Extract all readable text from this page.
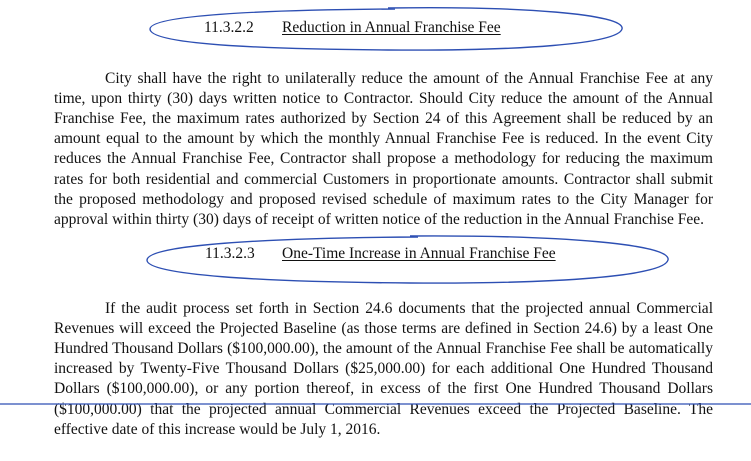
11.3.2.2 Reduction in Annual Franchise Fee

City shall have the right to unilaterally reduce the amount of the Annual Franchise Fee at any time, upon thirty (30) days written notice to Contractor. Should City reduce the amount of the Annual Franchise Fee, the maximum rates authorized by Section 24 of this Agreement shall be reduced by an amount equal to the amount by which the monthly Annual Franchise Fee is reduced. In the event City reduces the Annual Franchise Fee, Contractor shall propose a methodology for reducing the maximum rates for both residential and commercial Customers in proportionate amounts. Contractor shall submit the proposed methodology and proposed revised schedule of maximum rates to the City Manager for approval within thirty (30) days of receipt of written notice of the reduction in the Annual Franchise Fee.

11.3.2.3 One-Time Increase in Annual Franchise Fee

If the audit process set forth in Section 24.6 documents that the projected annual Commercial Revenues will exceed the Projected Baseline (as those terms are defined in Section 24.6) by a least One Hundred Thousand Dollars ($100,000.00), the amount of the Annual Franchise Fee shall be automatically increased by Twenty-Five Thousand Dollars ($25,000.00) for each additional One Hundred Thousand Dollars ($100,000.00), or any portion thereof, in excess of the first One Hundred Thousand Dollars ($100,000.00) that the projected annual Commercial Revenues exceed the Projected Baseline. The effective date of this increase would be July 1, 2016.
